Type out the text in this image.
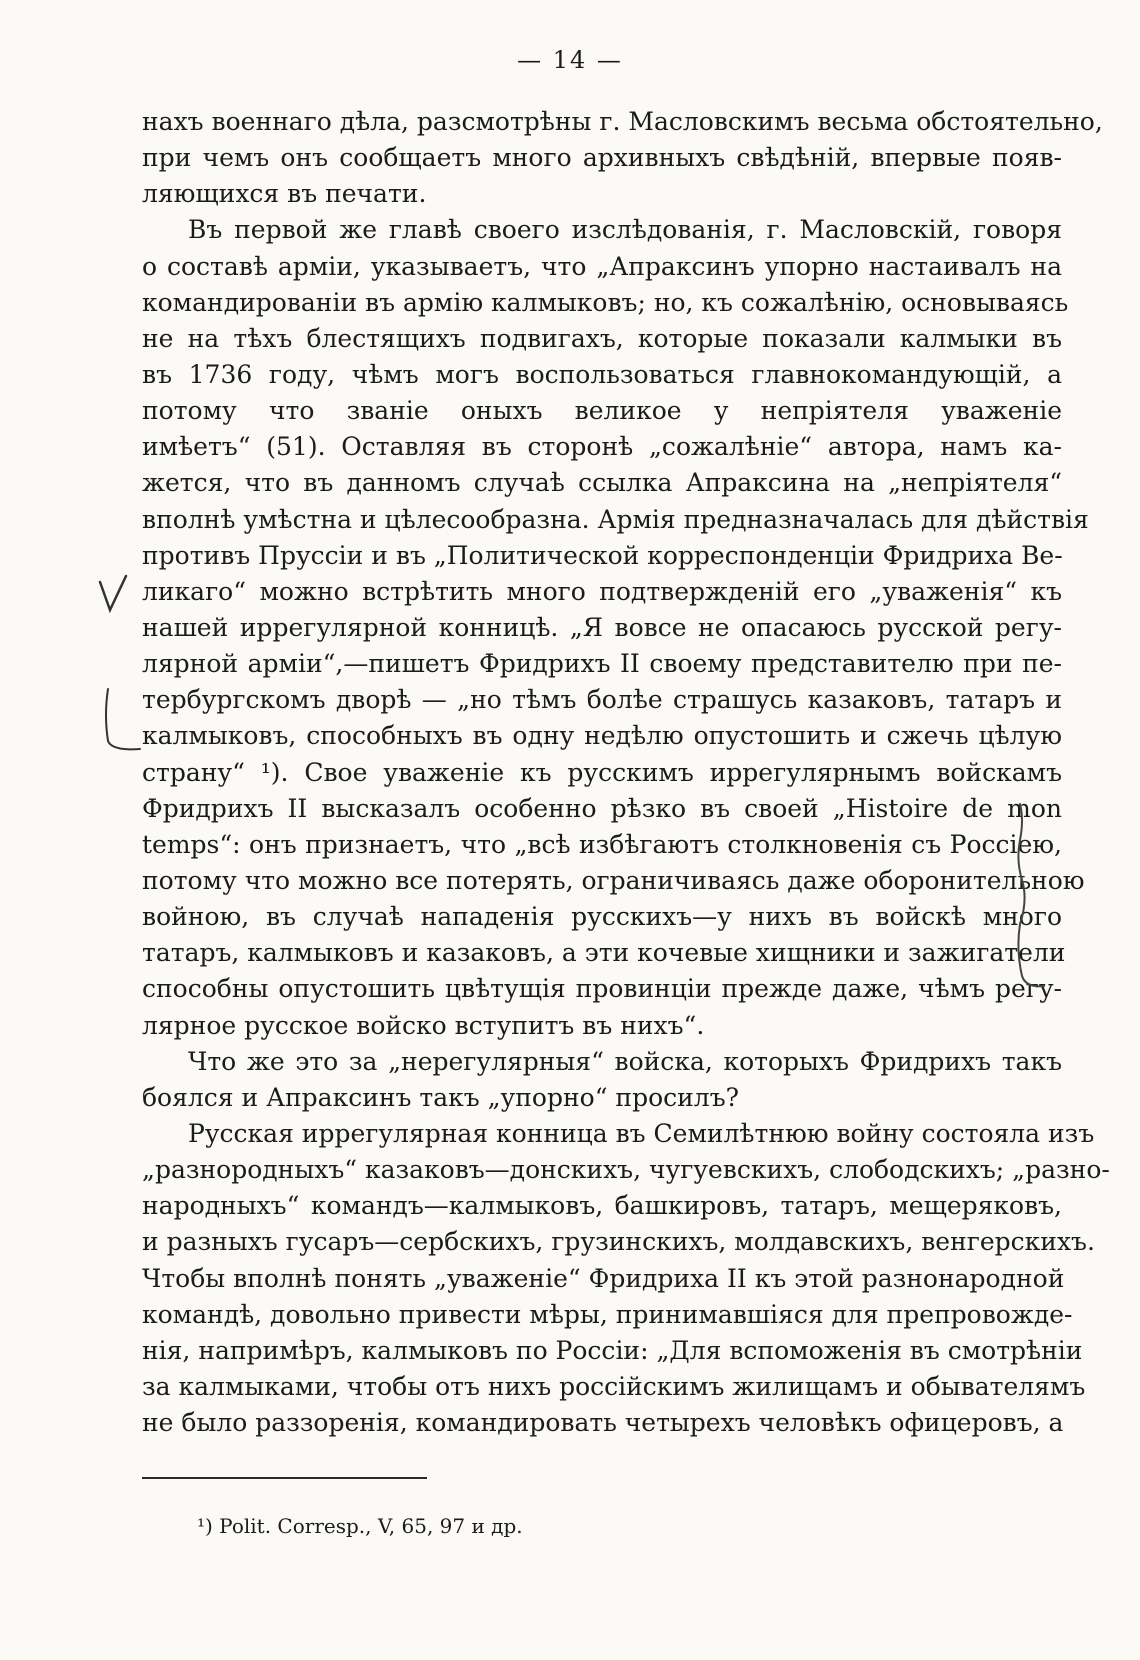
— 14 —
нахъ военнаго дѣла, разсмотрѣны г. Масловскимъ весьма обстоятельно,
при чемъ онъ сообщаетъ много архивныхъ свѣдѣній, впервые появ-
ляющихся въ печати.
Въ первой же главѣ своего изслѣдованія, г. Масловскій, говоря
о составѣ арміи, указываетъ, что „Апраксинъ упорно настаивалъ на
командированіи въ армію калмыковъ; но, къ сожалѣнію, основываясь
не на тѣхъ блестящихъ подвигахъ, которые показали калмыки въ
въ 1736 году, чѣмъ могъ воспользоваться главнокомандующій, а
потому что званіе оныхъ великое у непріятеля уваженіе
имѣетъ“ (51). Оставляя въ сторонѣ „сожалѣніе“ автора, намъ ка-
жется, что въ данномъ случаѣ ссылка Апраксина на „непріятеля“
вполнѣ умѣстна и цѣлесообразна. Армія предназначалась для дѣйствія
противъ Пруссіи и въ „Политической корреспонденціи Фридриха Ве-
ликаго“ можно встрѣтить много подтвержденій его „уваженія“ къ
нашей иррегулярной конницѣ. „Я вовсе не опасаюсь русской регу-
лярной арміи“,—пишетъ Фридрихъ II своему представителю при пе-
тербургскомъ дворѣ — „но тѣмъ болѣе страшусь казаковъ, татаръ и
калмыковъ, способныхъ въ одну недѣлю опустошить и сжечь цѣлую
страну“ ¹). Свое уваженіе къ русскимъ иррегулярнымъ войскамъ
Фридрихъ II высказалъ особенно рѣзко въ своей „Histoire de mon
temps“: онъ признаетъ, что „всѣ избѣгаютъ столкновенія съ Россіею,
потому что можно все потерять, ограничиваясь даже оборонительною
войною, въ случаѣ нападенія русскихъ—у нихъ въ войскѣ много
татаръ, калмыковъ и казаковъ, а эти кочевые хищники и зажигатели
способны опустошить цвѣтущія провинціи прежде даже, чѣмъ регу-
лярное русское войско вступитъ въ нихъ“.
Что же это за „нерегулярныя“ войска, которыхъ Фридрихъ такъ
боялся и Апраксинъ такъ „упорно“ просилъ?
Русская иррегулярная конница въ Семилѣтнюю войну состояла изъ
„разнородныхъ“ казаковъ—донскихъ, чугуевскихъ, слободскихъ; „разно-
народныхъ“ командъ—калмыковъ, башкировъ, татаръ, мещеряковъ,
и разныхъ гусаръ—сербскихъ, грузинскихъ, молдавскихъ, венгерскихъ.
Чтобы вполнѣ понять „уваженіе“ Фридриха II къ этой разнонародной
командѣ, довольно привести мѣры, принимавшіяся для препровожде-
нія, напримѣръ, калмыковъ по Россіи: „Для вспоможенія въ смотрѣніи
за калмыками, чтобы отъ нихъ россійскимъ жилищамъ и обывателямъ
не было раззоренія, командировать четырехъ человѣкъ офицеровъ, а
¹) Polit. Corresp., V, 65, 97 и др.
